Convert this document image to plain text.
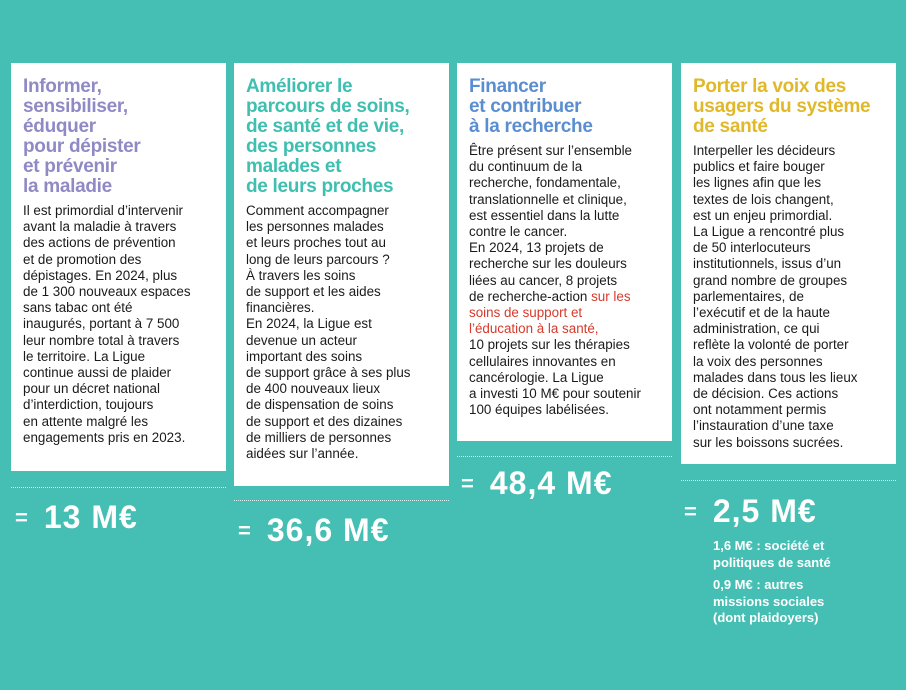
Informer,
sensibiliser,
éduquer
pour dépister
et prévenir
la maladie

Il est primordial d’intervenir
avant la maladie à travers
des actions de prévention
et de promotion des
dépistages. En 2024, plus
de 1 300 nouveaux espaces
sans tabac ont été
inaugurés, portant à 7 500
leur nombre total à travers
le territoire. La Ligue
continue aussi de plaider
pour un décret national
d’interdiction, toujours
en attente malgré les
engagements pris en 2023.

= 13 M€
Améliorer le
parcours de soins,
de santé et de vie,
des personnes
malades et
de leurs proches

Comment accompagner
les personnes malades
et leurs proches tout au
long de leurs parcours ?
À travers les soins
de support et les aides
financières.
En 2024, la Ligue est
devenue un acteur
important des soins
de support grâce à ses plus
de 400 nouveaux lieux
de dispensation de soins
de support et des dizaines
de milliers de personnes
aidées sur l’année.

= 36,6 M€
Financer
et contribuer
à la recherche

Être présent sur l’ensemble
du continuum de la
recherche, fondamentale,
translationnelle et clinique,
est essentiel dans la lutte
contre le cancer.
En 2024, 13 projets de
recherche sur les douleurs
liées au cancer, 8 projets
de recherche-action sur les
soins de support et
l’éducation à la santé,
10 projets sur les thérapies
cellulaires innovantes en
cancérologie. La Ligue
a investi 10 M€ pour soutenir
100 équipes labélisées.

= 48,4 M€
Porter la voix des
usagers du système
de santé

Interpeller les décideurs
publics et faire bouger
les lignes afin que les
textes de lois changent,
est un enjeu primordial.
La Ligue a rencontré plus
de 50 interlocuteurs
institutionnels, issus d’un
grand nombre de groupes
parlementaires, de
l’exécutif et de la haute
administration, ce qui
reflète la volonté de porter
la voix des personnes
malades dans tous les lieux
de décision. Ces actions
ont notamment permis
l’instauration d’une taxe
sur les boissons sucrées.

= 2,5 M€
1,6 M€ : société et
politiques de santé
0,9 M€ : autres
missions sociales
(dont plaidoyers)
